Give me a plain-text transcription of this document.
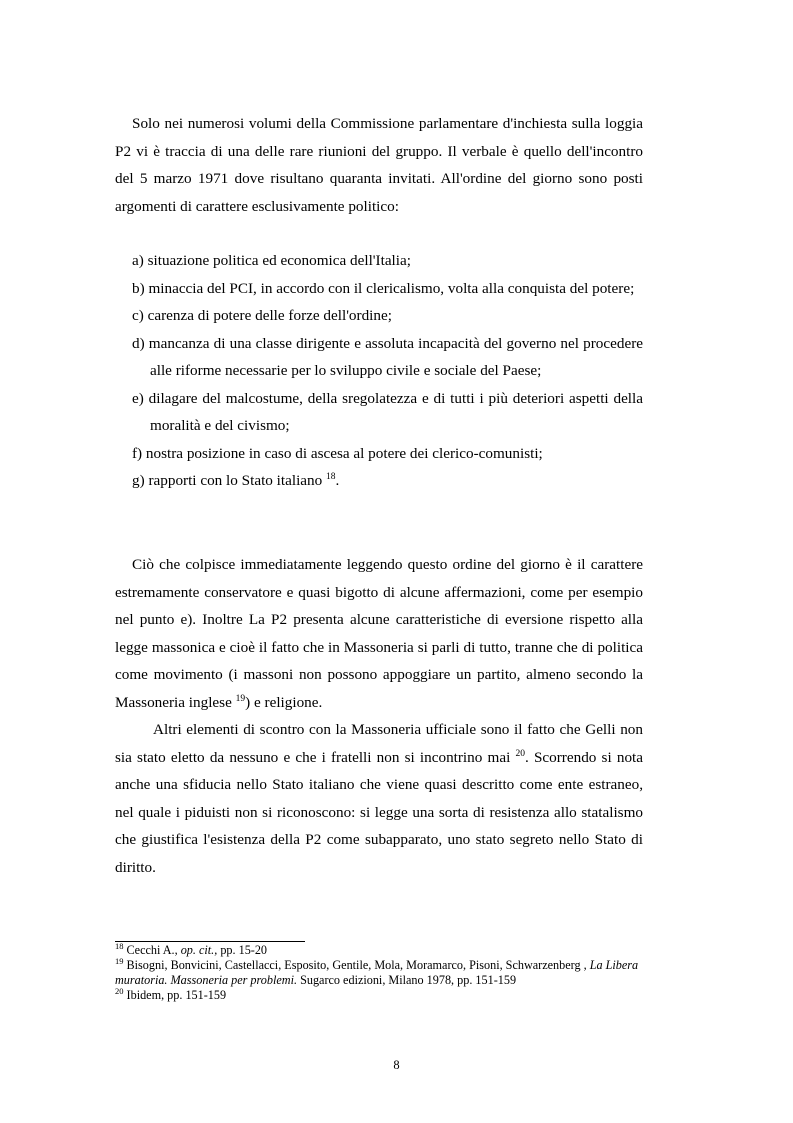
Solo nei numerosi volumi della Commissione parlamentare d'inchiesta sulla loggia P2 vi è traccia di una delle rare riunioni del gruppo. Il verbale è quello dell'incontro del 5 marzo 1971 dove risultano quaranta invitati. All'ordine del giorno sono posti argomenti di carattere esclusivamente politico:

a) situazione politica ed economica dell'Italia;
b) minaccia del PCI, in accordo con il clericalismo, volta alla conquista del potere;
c) carenza di potere delle forze dell'ordine;
d) mancanza di una classe dirigente e assoluta incapacità del governo nel procedere alle riforme necessarie per lo sviluppo civile e sociale del Paese;
e) dilagare del malcostume, della sregolatezza e di tutti i più deteriori aspetti della moralità e del civismo;
f) nostra posizione in caso di ascesa al potere dei clerico-comunisti;
g) rapporti con lo Stato italiano $^{18}$.

Ciò che colpisce immediatamente leggendo questo ordine del giorno è il carattere estremamente conservatore e quasi bigotto di alcune affermazioni, come per esempio nel punto e). Inoltre La P2 presenta alcune caratteristiche di eversione rispetto alla legge massonica e cioè il fatto che in Massoneria si parli di tutto, tranne che di politica come movimento (i massoni non possono appoggiare un partito, almeno secondo la Massoneria inglese $^{19}$) e religione.

Altri elementi di scontro con la Massoneria ufficiale sono il fatto che Gelli non sia stato eletto da nessuno e che i fratelli non si incontrino mai $^{20}$. Scorrendo si nota anche una sfiducia nello Stato italiano che viene quasi descritto come ente estraneo, nel quale i piduisti non si riconoscono: si legge una sorta di resistenza allo statalismo che giustifica l'esistenza della P2 come subapparato, uno stato segreto nello Stato di diritto.

$^{18}$ Cecchi A., op. cit., pp. 15-20

$^{19}$ Bisogni, Bonvicini, Castellacci, Esposito, Gentile, Mola, Moramarco, Pisoni, Schwarzenberg , La Libera muratoria. Massoneria per problemi. Sugarco edizioni, Milano 1978, pp. 151-159

$^{20}$ Ibidem, pp. 151-159

8
